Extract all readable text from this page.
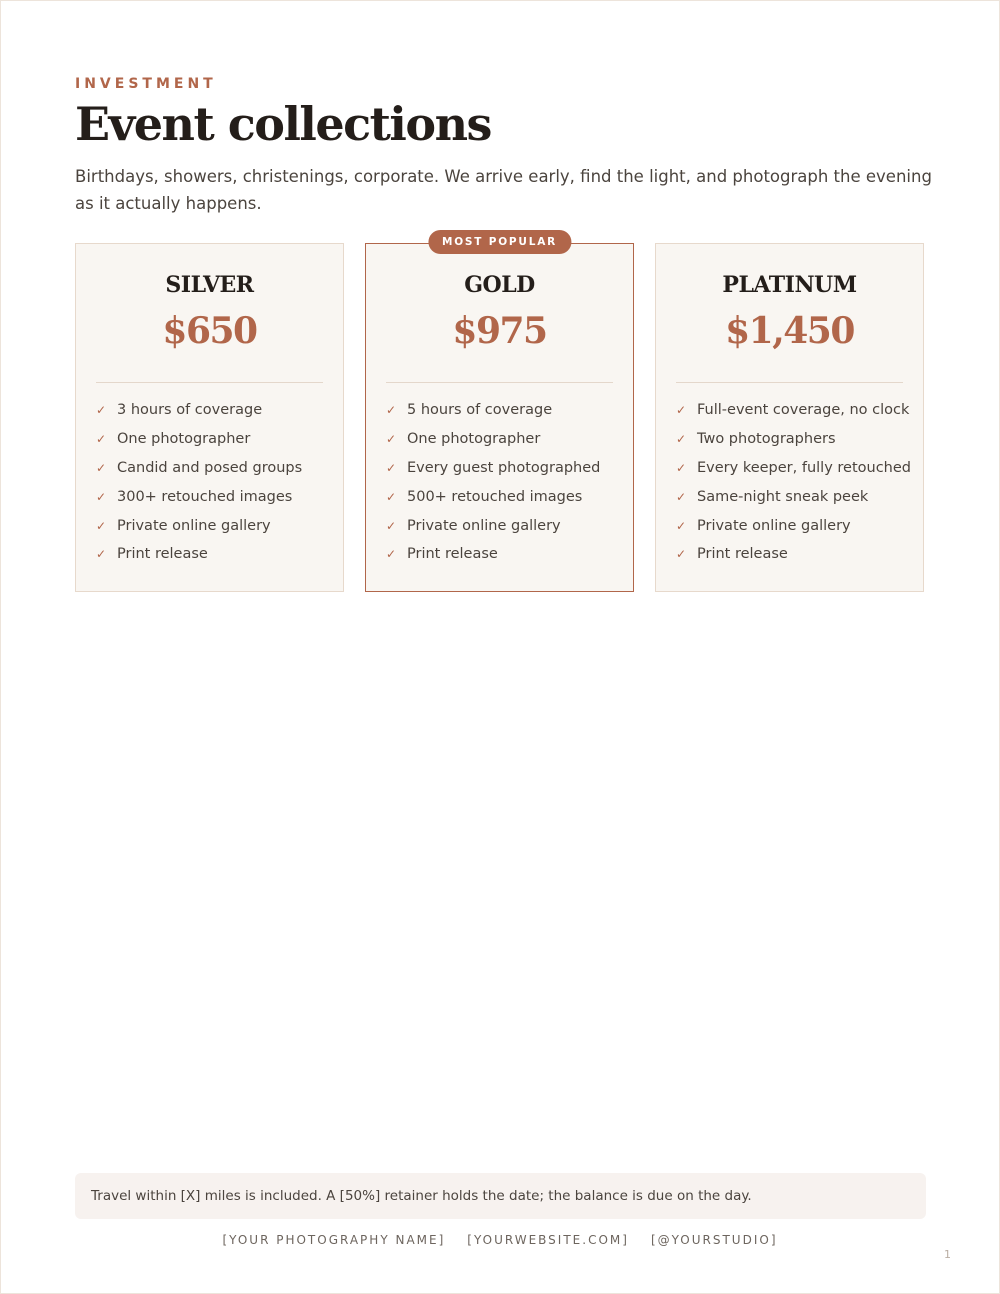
INVESTMENT
Event collections

Birthdays, showers, christenings, corporate. We arrive early, find the light, and photograph the evening as it actually happens.

SILVER
$650
✓ 3 hours of coverage
✓ One photographer
✓ Candid and posed groups
✓ 300+ retouched images
✓ Private online gallery
✓ Print release
MOST POPULAR
GOLD
$975
✓ 5 hours of coverage
✓ One photographer
✓ Every guest photographed
✓ 500+ retouched images
✓ Private online gallery
✓ Print release
PLATINUM
$1,450
✓ Full-event coverage, no clock
✓ Two photographers
✓ Every keeper, fully retouched
✓ Same-night sneak peek
✓ Private online gallery
✓ Print release
Travel within [X] miles is included. A [50%] retainer holds the date; the balance is due on the day.
[YOUR PHOTOGRAPHY NAME] [YOURWEBSITE.COM] [@YOURSTUDIO]
1
